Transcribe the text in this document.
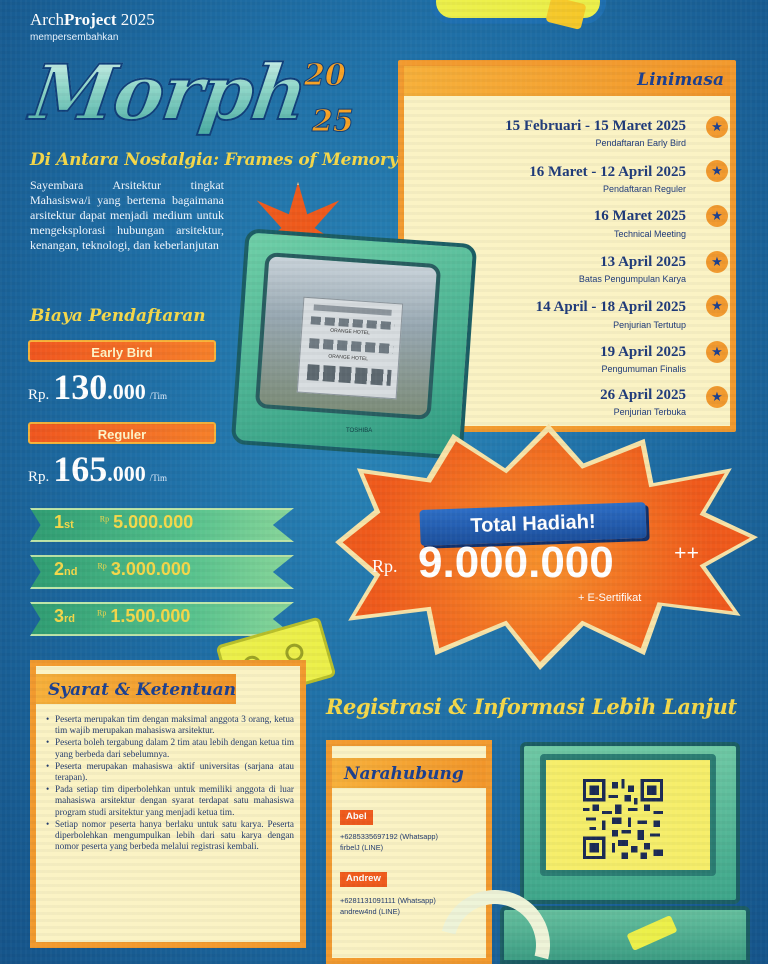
ArchProject 2025
mempersembahkan
Morph
20
25
Di Antara Nostalgia: Frames of Memory
Sayembara Arsitektur tingkat Mahasiswa/i yang bertema bagaimana arsitektur dapat menjadi medium untuk mengeksplorasi hubungan arsitektur, kenangan, teknologi, dan keberlanjutan
Biaya Pendaftaran
Early Bird
Rp. 130.000 /Tim
Reguler
Rp. 165.000 /Tim
1st	$^{Rp}$ 5.000.000
2nd	$^{Rp}$ 3.000.000
3rd	$^{Rp}$ 1.500.000
Linimasa
15 Februari - 15 Maret 2025
Pendaftaran Early Bird
★
16 Maret - 12 April 2025
Pendaftaran Reguler
★
16 Maret 2025
Technical Meeting
★
13 April 2025
Batas Pengumpulan Karya
★
14 April - 18 April 2025
Penjurian Tertutup
★
19 April 2025
Pengumuman Finalis
★
26 April 2025
Penjurian Terbuka
★
ORANGE HOTEL
ORANGE HOTEL
TOSHIBA
Total Hadiah!
Rp. 9.000.000	++
+ E-Sertifikat
Syarat & Ketentuan
• Peserta merupakan tim dengan maksimal anggota 3 orang, ketua tim wajib merupakan mahasiswa arsitektur.
• Peserta boleh tergabung dalam 2 tim atau lebih dengan ketua tim yang berbeda dari sebelumnya.
• Peserta merupakan mahasiswa aktif universitas (sarjana atau terapan).
• Pada setiap tim diperbolehkan untuk memiliki anggota di luar mahasiswa arsitektur dengan syarat terdapat satu mahasiswa program studi arsitektur yang menjadi ketua tim.
• Setiap nomor peserta hanya berlaku untuk satu karya. Peserta diperbolehkan mengumpulkan lebih dari satu karya dengan nomor peserta yang berbeda melalui registrasi kembali.
Registrasi & Informasi Lebih Lanjut
Narahubung
Abel
+6285335697192 (Whatsapp)
firbelJ (LINE)
Andrew
+6281131091111 (Whatsapp)
andrew4nd (LINE)
